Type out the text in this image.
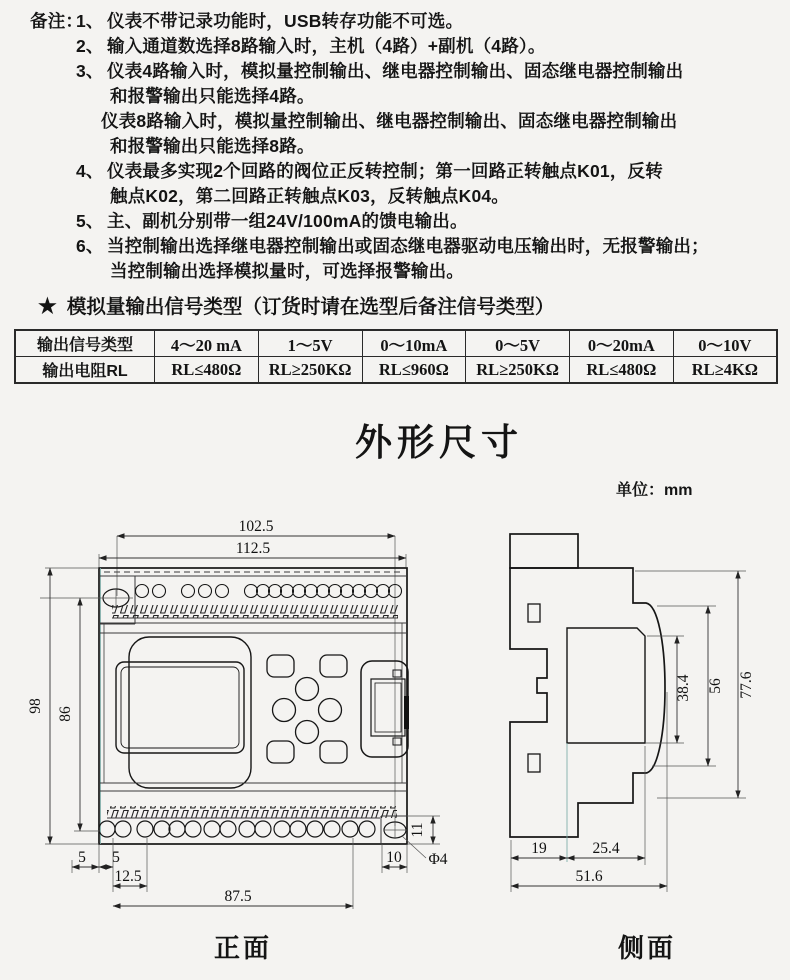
备注：
1、 仪表不带记录功能时，USB转存功能不可选。
2、 输入通道数选择8路输入时，主机（4路）+副机（4路）。
3、 仪表4路输入时，模拟量控制输出、继电器控制输出、固态继电器控制输出
和报警输出只能选择4路。
仪表8路输入时，模拟量控制输出、继电器控制输出、固态继电器控制输出
和报警输出只能选择8路。
4、 仪表最多实现2个回路的阀位正反转控制；第一回路正转触点K01，反转
触点K02，第二回路正转触点K03，反转触点K04。
5、 主、副机分别带一组24V/100mA的馈电输出。
6、 当控制输出选择继电器控制输出或固态继电器驱动电压输出时，无报警输出；
当控制输出选择模拟量时，可选择报警输出。
★ 模拟量输出信号类型（订货时请在选型后备注信号类型）
输出信号类型	4～20 mA	1～5V	0～10mA	0～5V	0～20mA	0～10V
输出电阻RL	RL≤480Ω	RL≥250KΩ	RL≤960Ω	RL≥250KΩ	RL≤480Ω	RL≥4KΩ
外形尺寸
单位：mm
102.5
112.5
Φ4
98
86
5 5
12.5
87.5
10
11
正面
38.4 56 77.6
19	25.4
51.6
侧面
